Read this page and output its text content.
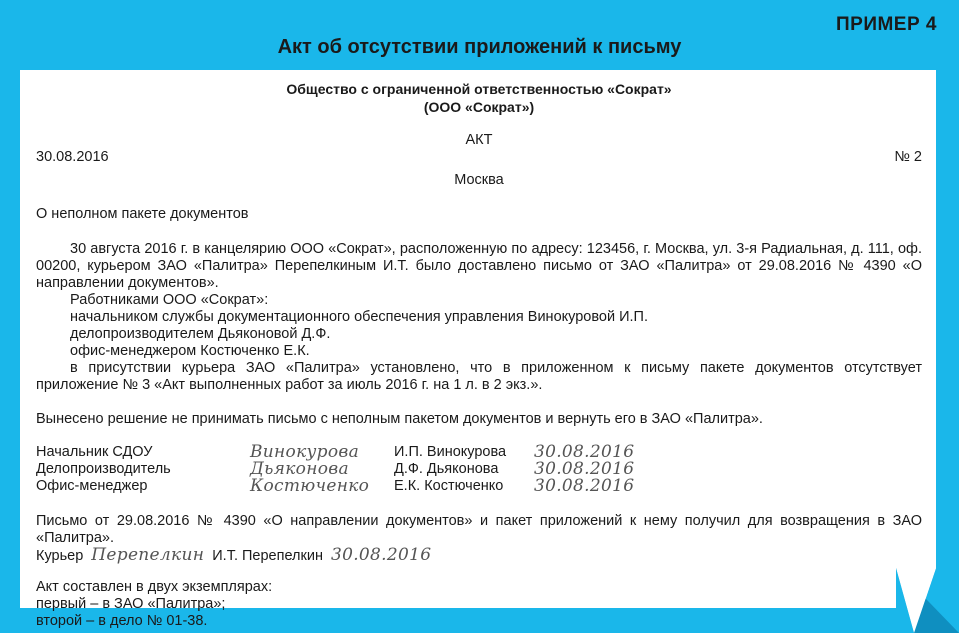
ПРИМЕР 4
Акт об отсутствии приложений к письму
Общество с ограниченной ответственностью «Сократ»
(ООО «Сократ»)
АКТ
30.08.2016	№ 2
Москва

О неполном пакете документов

30 августа 2016 г. в канцелярию ООО «Сократ», расположенную по адресу: 123456, г. Москва, ул. 3-я Радиальная, д. 111, оф. 00200, курьером ЗАО «Палитра» Перепелкиным И.Т. было доставлено письмо от ЗАО «Палитра» от 29.08.2016 № 4390 «О направлении документов».

Работниками ООО «Сократ»:

начальником службы документационного обеспечения управления Винокуровой И.П.

делопроизводителем Дьяконовой Д.Ф.

офис-менеджером Костюченко Е.К.

в присутствии курьера ЗАО «Палитра» установлено, что в приложенном к письму пакете документов отсутствует приложение № 3 «Акт выполненных работ за июль 2016 г. на 1 л. в 2 экз.».

Вынесено решение не принимать письмо с неполным пакетом документов и вернуть его в ЗАО «Палитра».

Начальник СДОУ	Винокурова	И.П. Винокурова	30.08.2016
Делопроизводитель	Дьяконова	Д.Ф. Дьяконова	30.08.2016
Офис-менеджер	Костюченко	Е.К. Костюченко	30.08.2016

Письмо от 29.08.2016 № 4390 «О направлении документов» и пакет приложений к нему получил для возвращения в ЗАО «Палитра».

Курьер Перепелкин И.Т. Перепелкин 30.08.2016

Акт составлен в двух экземплярах:

первый – в ЗАО «Палитра»;

второй – в дело № 01-38.
